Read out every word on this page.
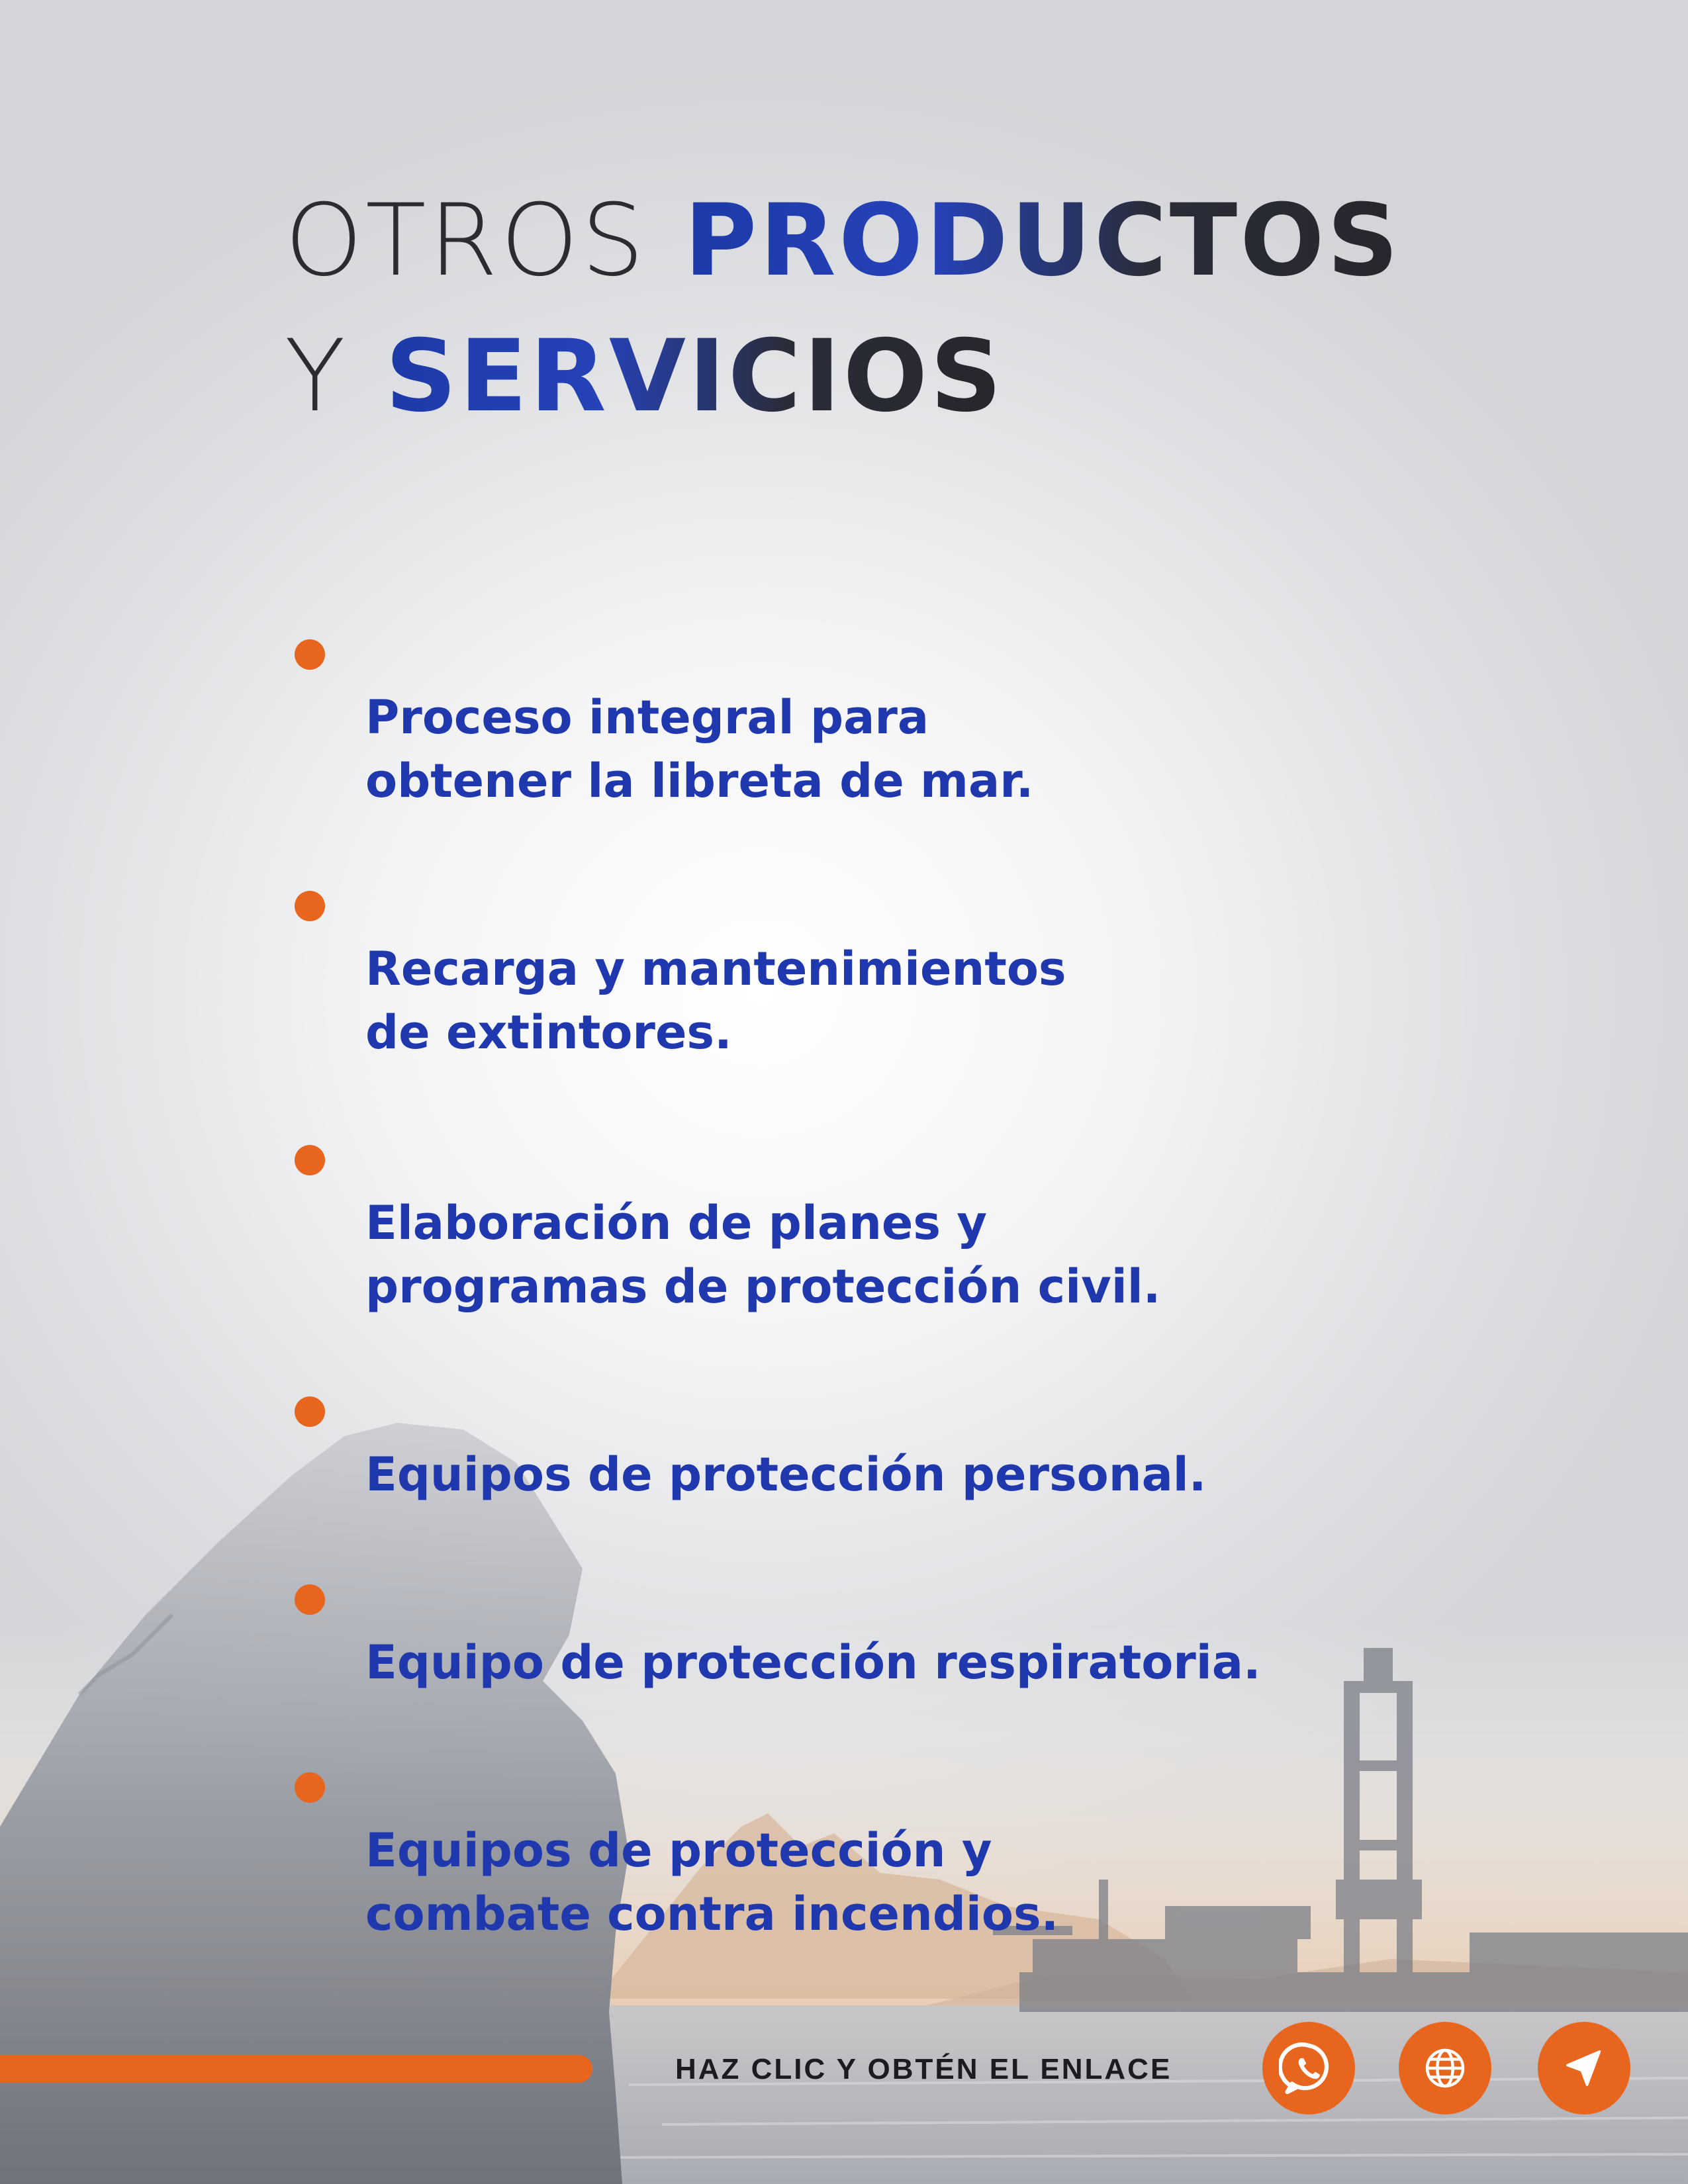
OTROS PRODUCTOS
Y SERVICIOS

Proceso integral para
obtener la libreta de mar.

Recarga y mantenimientos
de extintores.

Elaboración de planes y
programas de protección civil.

Equipos de protección personal.

Equipo de protección respiratoria.

Equipos de protección y
combate contra incendios.

HAZ CLIC Y OBTÉN EL ENLACE
